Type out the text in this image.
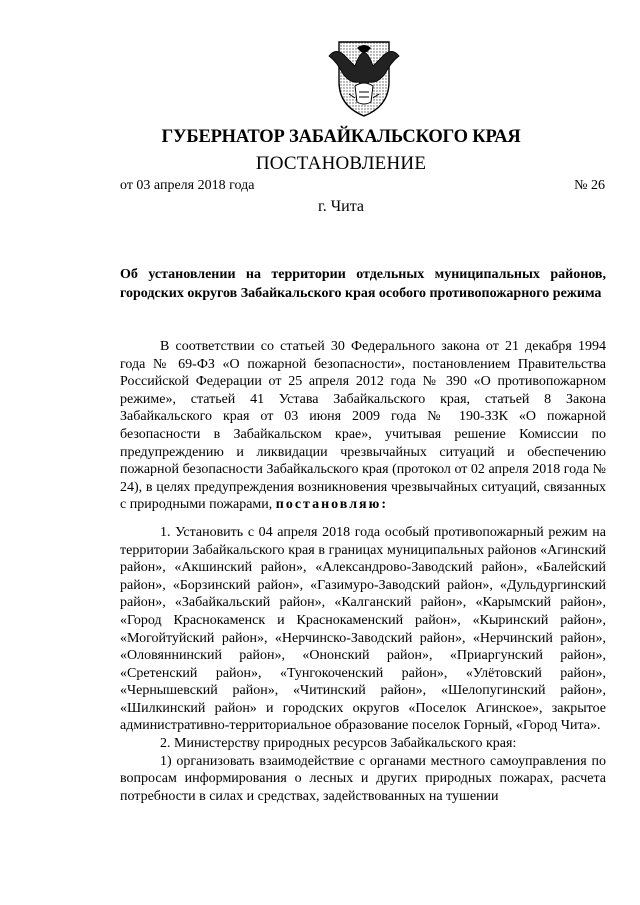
ГУБЕРНАТОР ЗАБАЙКАЛЬСКОГО КРАЯ
ПОСТАНОВЛЕНИЕ
от 03 апреля 2018 года	№ 26
г. Чита
Об установлении на территории отдельных муниципальных районов, городских округов Забайкальского края особого противопожарного режима

В соответствии со статьей 30 Федерального закона от 21 декабря 1994 года № 69-ФЗ «О пожарной безопасности», постановлением Правительства Российской Федерации от 25 апреля 2012 года № 390 «О противопожарном режиме», статьей 41 Устава Забайкальского края, статьей 8 Закона Забайкальского края от 03 июня 2009 года № 190-ЗЗК «О пожарной безопасности в Забайкальском крае», учитывая решение Комиссии по предупреждению и ликвидации чрезвычайных ситуаций и обеспечению пожарной безопасности Забайкальского края (протокол от 02 апреля 2018 года № 24), в целях предупреждения возникновения чрезвычайных ситуаций, связанных с природными пожарами, постановляю:

1. Установить с 04 апреля 2018 года особый противопожарный режим на территории Забайкальского края в границах муниципальных районов «Агинский район», «Акшинский район», «Александрово-Заводский район», «Балейский район», «Борзинский район», «Газимуро-Заводский район», «Дульдургинский район», «Забайкальский район», «Калганский район», «Карымский район», «Город Краснокаменск и Краснокаменский район», «Кыринский район», «Могойтуйский район», «Нерчинско-Заводский район», «Нерчинский район», «Оловяннинский район», «Ононский район», «Приаргунский район», «Сретенский район», «Тунгокоченский район», «Улётовский район», «Чернышевский район», «Читинский район», «Шелопугинский район», «Шилкинский район» и городских округов «Поселок Агинское», закрытое административно-территориальное образование поселок Горный, «Город Чита».

2. Министерству природных ресурсов Забайкальского края:

1) организовать взаимодействие с органами местного самоуправления по вопросам информирования о лесных и других природных пожарах, расчета потребности в силах и средствах, задействованных на тушении
